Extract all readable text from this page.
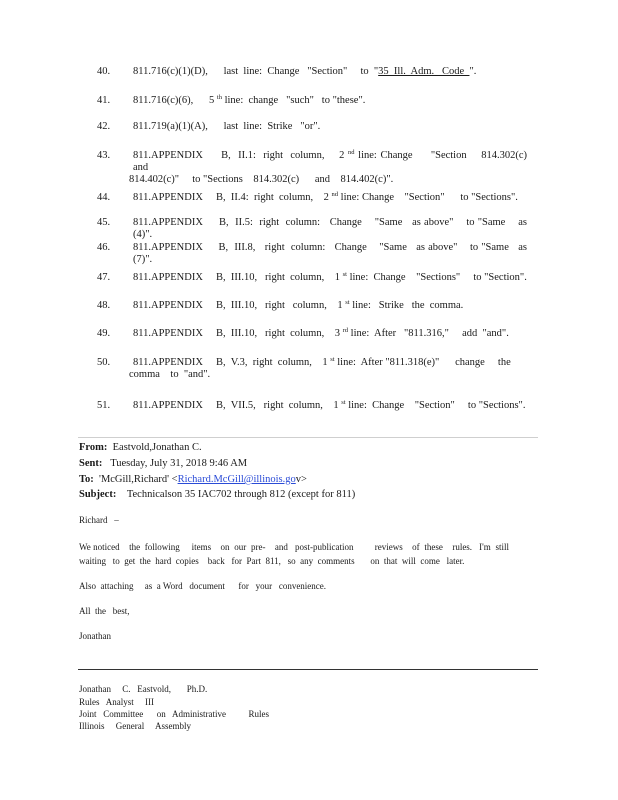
40. 811.716(c)(1)(D),      last  line:  Change   "Section"     to  "35  Ill.  Adm.   Code  ".
41. 811.716(c)(6),      5 $^{th}$ line:  change   "such"   to "these".
42. 811.719(a)(1)(A),      last  line:  Strike   "or".
43. 811.APPENDIX     B,  II.1:  right  column,    2 $^{nd}$ line: Change     "Section    814.302(c)     and
814.402(c)"     to "Sections    814.302(c)      and    814.402(c)".
44. 811.APPENDIX     B,  II.4:  right  column,    2 $^{nd}$ line: Change    "Section"      to "Sections".
45. 811.APPENDIX     B,  II.5:  right  column:   Change    "Same   as above"    to "Same    as (4)".
46. 811.APPENDIX     B,  III.8,   right  column:   Change    "Same   as above"    to "Same   as (7)".
47. 811.APPENDIX     B,  III.10,   right  column,    1 $^{st}$ line:  Change    "Sections"     to "Section".
48. 811.APPENDIX     B,  III.10,   right   column,    1 $^{st}$ line:   Strike   the  comma.
49. 811.APPENDIX     B,  III.10,   right  column,    3 $^{rd}$ line:  After   "811.316,"     add  "and".
50. 811.APPENDIX     B,  V.3,  right  column,    1 $^{st}$ line:  After "811.318(e)"      change     the
comma    to  "and".
51. 811.APPENDIX     B,  VII.5,   right  column,    1 $^{st}$ line:  Change    "Section"     to "Sections".
From: Eastvold,Jonathan C.
Sent: Tuesday, July 31, 2018 9:46 AM
To: 'McGill,Richard' <Richard.McGill@illinois.gov>
Subject: Technicalson 35 IAC702 through 812 (except for 811)
Richard   –
We noticed    the  following     items    on  our  pre-    and   post-publication         reviews    of  these    rules.   I'm  still waiting   to  get  the  hard  copies    back   for  Part  811,   so  any  comments       on  that  will  come   later.
Also  attaching     as  a Word   document      for   your   convenience.
All  the   best,
Jonathan
Jonathan     C.   Eastvold,       Ph.D.
Rules   Analyst     III
Joint   Committee      on   Administrative          Rules
Illinois     General     Assembly
